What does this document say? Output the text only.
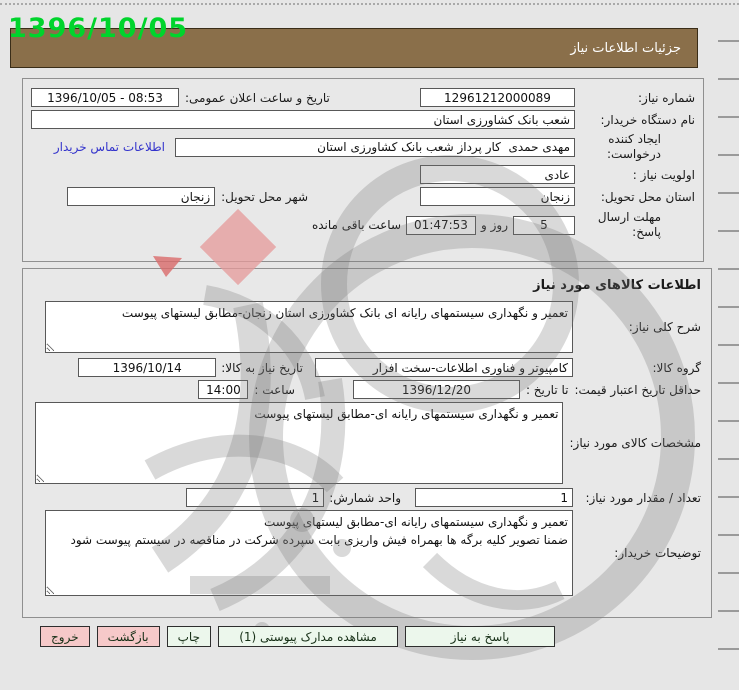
1396/10/05
جزئیات اطلاعات نیاز
شماره نیاز:
12961212000089
تاریخ و ساعت اعلان عمومی:
1396/10/05 - 08:53
نام دستگاه خریدار:
شعب بانک کشاورزی استان
ایجاد کننده درخواست:
مهدی حمدی کار پرداز شعب بانک کشاورزی استان
اطلاعات تماس خریدار
اولویت نیاز :
عادی
استان محل تحویل:
زنجان
شهر محل تحویل:
زنجان
مهلت ارسال پاسخ:
5
روز و
01:47:53
ساعت باقی مانده
اطلاعات کالاهای مورد نیاز
شرح کلی نیاز:
تعمیر و نگهداری سیستمهای رایانه ای بانک کشاورزی استان زنجان-مطابق لیستهای پیوست
گروه کالا:
کامپیوتر و فناوری اطلاعات-سخت افزار
تاریخ نیاز به کالا:
1396/10/14
حداقل تاریخ اعتبار قیمت:
تا تاریخ :
1396/12/20
ساعت :
14:00
مشخصات کالای مورد نیاز:
تعمیر و نگهداری سیستمهای رایانه ای-مطابق لیستهای پیوست
تعداد / مقدار مورد نیاز:
1
واحد شمارش:
1
توضیحات خریدار:
تعمیر و نگهداری سیستمهای رایانه ای-مطابق لیستهای پیوست ضمنا تصویر کلیه برگه ها بهمراه فیش واریزی بابت سپرده شرکت در مناقصه در سیستم پیوست شود
پاسخ به نیاز
مشاهده مدارک پیوستی (1)
چاپ
بازگشت
خروج
